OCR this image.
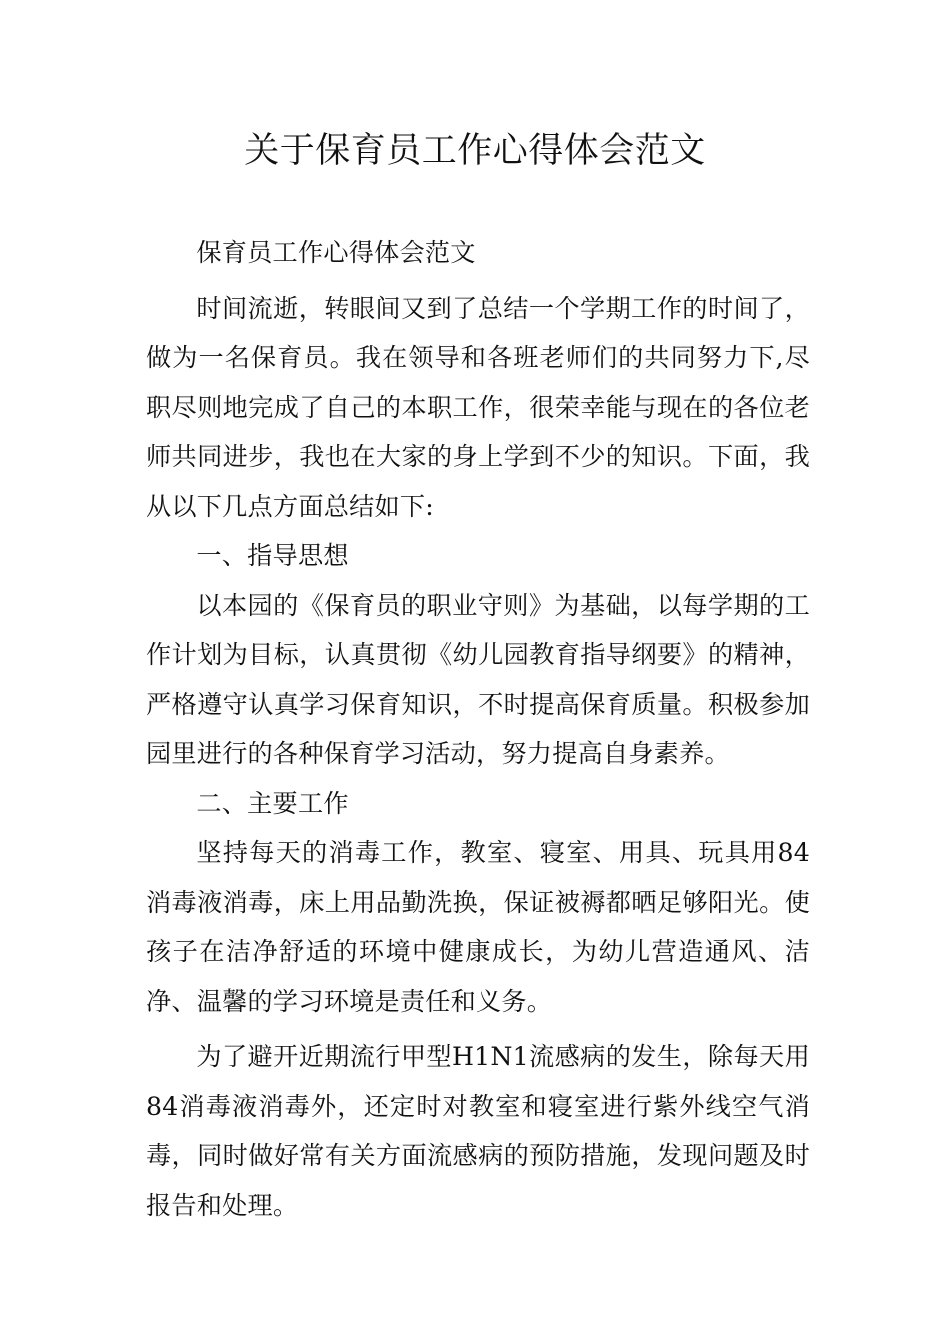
关于保育员工作心得体会范文

保育员工作心得体会范文

时间流逝，转眼间又到了总结一个学期工作的时间了，做为一名保育员。我在领导和各班老师们的共同努力下,尽职尽则地完成了自己的本职工作，很荣幸能与现在的各位老师共同进步，我也在大家的身上学到不少的知识。下面，我从以下几点方面总结如下:

一、指导思想

以本园的《保育员的职业守则》为基础，以每学期的工作计划为目标，认真贯彻《幼儿园教育指导纲要》的精神，严格遵守认真学习保育知识，不时提高保育质量。积极参加园里进行的各种保育学习活动，努力提高自身素养。

二、主要工作

坚持每天的消毒工作，教室、寝室、用具、玩具用84消毒液消毒，床上用品勤洗换，保证被褥都晒足够阳光。使孩子在洁净舒适的环境中健康成长，为幼儿营造通风、洁净、温馨的学习环境是责任和义务。

为了避开近期流行甲型H1N1流感病的发生，除每天用84消毒液消毒外，还定时对教室和寝室进行紫外线空气消毒，同时做好常有关方面流感病的预防措施，发现问题及时报告和处理。
